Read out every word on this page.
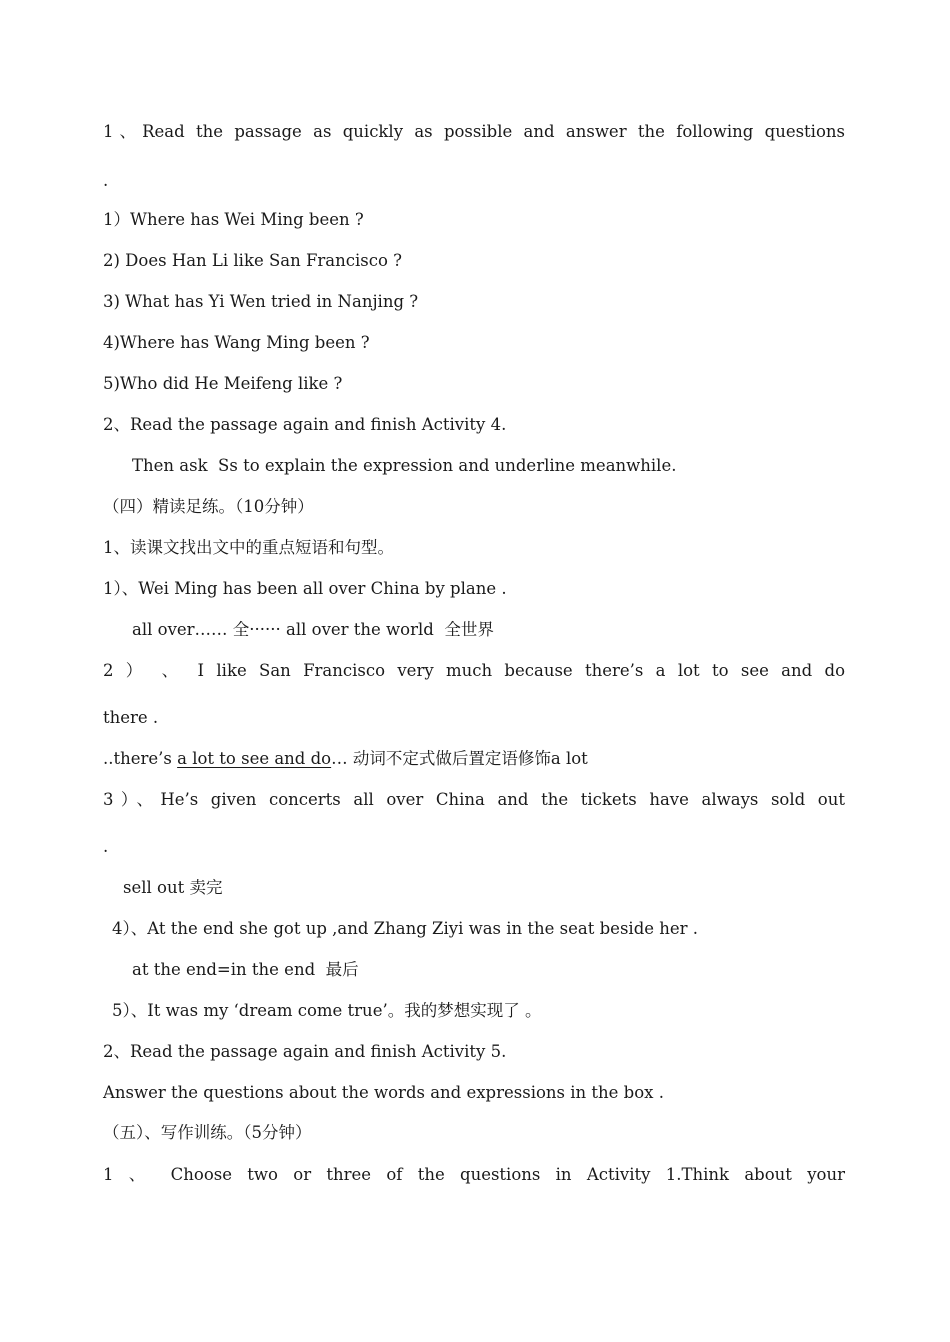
1、Read the passage as quickly as possible and answer the following questions
.
1）Where has Wei Ming been ?
2) Does Han Li like San Francisco ?
3) What has Yi Wen tried in Nanjing ?
4)Where has Wang Ming been ?
5)Who did He Meifeng like ?
2、Read the passage again and finish Activity 4.
Then ask  Ss to explain the expression and underline meanwhile.
（四）精读足练。（10分钟）
1、读课文找出文中的重点短语和句型。
1）、Wei Ming has been all over China by plane .
all over…… 全······ all over the world  全世界
2 ） 、 I like San Francisco very much because there’s a lot to see and do
there .
..there’s a lot to see and do… 动词不定式做后置定语修饰a lot
3）、He’s given concerts all over China and the tickets have always sold out
.
sell out 卖完
4）、At the end she got up ,and Zhang Ziyi was in the seat beside her .
at the end=in the end  最后
5）、It was my ‘dream come true’。我的梦想实现了 。
2、Read the passage again and finish Activity 5.
Answer the questions about the words and expressions in the box .
（五）、写作训练。（5分钟）
1 、 Choose two or three of the questions in Activity 1.Think about your
